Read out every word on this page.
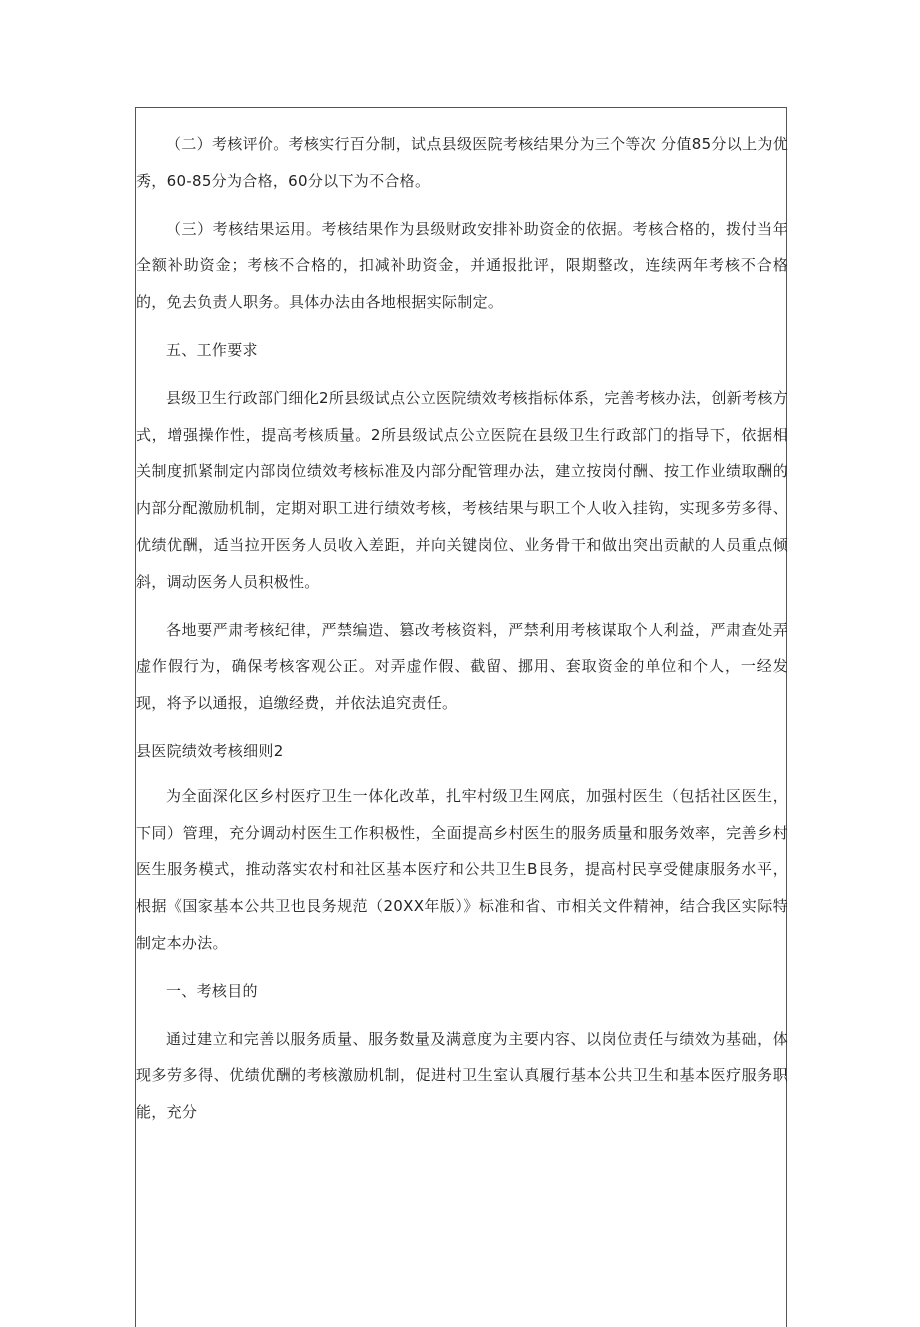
（二）考核评价。考核实行百分制，试点县级医院考核结果分为三个等次 分值85分以上为优秀，60-85分为合格，60分以下为不合格。

（三）考核结果运用。考核结果作为县级财政安排补助资金的依据。考核合格的，拨付当年全额补助资金；考核不合格的，扣减补助资金，并通报批评，限期整改，连续两年考核不合格的，免去负责人职务。具体办法由各地根据实际制定。

五、工作要求

县级卫生行政部门细化2所县级试点公立医院绩效考核指标体系，完善考核办法，创新考核方式，增强操作性，提高考核质量。2所县级试点公立医院在县级卫生行政部门的指导下，依据相关制度抓紧制定内部岗位绩效考核标准及内部分配管理办法，建立按岗付酬、按工作业绩取酬的内部分配激励机制，定期对职工进行绩效考核，考核结果与职工个人收入挂钩，实现多劳多得、优绩优酬，适当拉开医务人员收入差距，并向关键岗位、业务骨干和做出突出贡献的人员重点倾斜，调动医务人员积极性。

各地要严肃考核纪律，严禁编造、篡改考核资料，严禁利用考核谋取个人利益，严肃查处弄虚作假行为，确保考核客观公正。对弄虚作假、截留、挪用、套取资金的单位和个人，一经发现，将予以通报，追缴经费，并依法追究责任。

县医院绩效考核细则2

为全面深化区乡村医疗卫生一体化改革，扎牢村级卫生网底，加强村医生（包括社区医生，下同）管理，充分调动村医生工作积极性，全面提高乡村医生的服务质量和服务效率，完善乡村医生服务模式，推动落实农村和社区基本医疗和公共卫生B艮务，提高村民享受健康服务水平，根据《国家基本公共卫也艮务规范（20XX年版）》标准和省、市相关文件精神，结合我区实际特制定本办法。

一、考核目的

通过建立和完善以服务质量、服务数量及满意度为主要内容、以岗位责任与绩效为基础，体现多劳多得、优绩优酬的考核激励机制，促进村卫生室认真履行基本公共卫生和基本医疗服务职能，充分
